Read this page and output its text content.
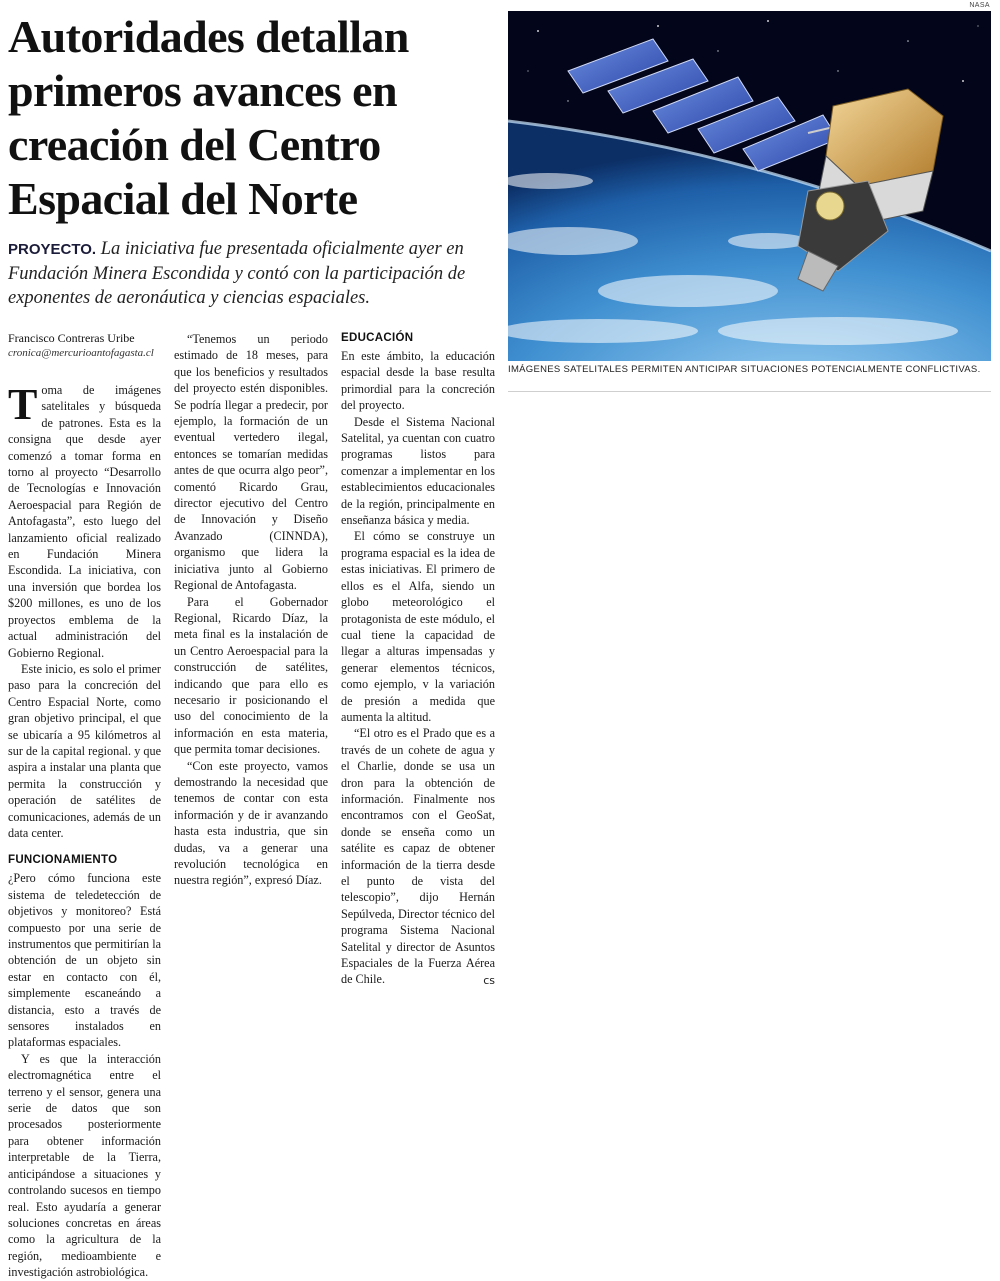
Autoridades detallan primeros avances en creación del Centro Espacial del Norte

PROYECTO. La iniciativa fue presentada oficialmente ayer en Fundación Minera Escondida y contó con la participación de exponentes de aeronáutica y ciencias espaciales.

Francisco Contreras Uribe
cronica@mercurioantofagasta.cl

Toma de imágenes satelitales y búsqueda de patrones. Esta es la consigna que desde ayer comenzó a tomar forma en torno al proyecto “Desarrollo de Tecnologías e Innovación Aeroespacial para Región de Antofagasta”, esto luego del lanzamiento oficial realizado en Fundación Minera Escondida. La iniciativa, con una inversión que bordea los $200 millones, es uno de los proyectos emblema de la actual administración del Gobierno Regional.

Este inicio, es solo el primer paso para la concreción del Centro Espacial Norte, como gran objetivo principal, el que se ubicaría a 95 kilómetros al sur de la capital regional. y que aspira a instalar una planta que permita la construcción y operación de satélites de comunicaciones, además de un data center.

FUNCIONAMIENTO

¿Pero cómo funciona este sistema de teledetección de objetivos y monitoreo? Está compuesto por una serie de instrumentos que permitirían la obtención de un objeto sin estar en contacto con él, simplemente escaneándo a distancia, esto a través de sensores instalados en plataformas espaciales.

Y es que la interacción electromagnética entre el terreno y el sensor, genera una serie de datos que son procesados posteriormente para obtener información interpretable de la Tierra, anticipándose a situaciones y controlando sucesos en tiempo real. Esto ayudaría a generar soluciones concretas en áreas como la agricultura de la región, medioambiente e investigación astrobiológica.

“Tenemos un periodo estimado de 18 meses, para que los beneficios y resultados del proyecto estén disponibles. Se podría llegar a predecir, por ejemplo, la formación de un eventual vertedero ilegal, entonces se tomarían medidas antes de que ocurra algo peor”, comentó Ricardo Grau, director ejecutivo del Centro de Innovación y Diseño Avanzado (CINNDA), organismo que lidera la iniciativa junto al Gobierno Regional de Antofagasta.

Para el Gobernador Regional, Ricardo Díaz, la meta final es la instalación de un Centro Aeroespacial para la construcción de satélites, indicando que para ello es necesario ir posicionando el uso del conocimiento de la información en esta materia, que permita tomar decisiones.

“Con este proyecto, vamos demostrando la necesidad que tenemos de contar con esta información y de ir avanzando hasta esta industria, que sin dudas, va a generar una revolución tecnológica en nuestra región”, expresó Díaz.

EDUCACIÓN

En este ámbito, la educación espacial desde la base resulta primordial para la concreción del proyecto.

Desde el Sistema Nacional Satelital, ya cuentan con cuatro programas listos para comenzar a implementar en los establecimientos educacionales de la región, principalmente en enseñanza básica y media.

El cómo se construye un programa espacial es la idea de estas iniciativas. El primero de ellos es el Alfa, siendo un globo meteorológico el protagonista de este módulo, el cual tiene la capacidad de llegar a alturas impensadas y generar elementos técnicos, como ejemplo, v la variación de presión a medida que aumenta la altitud.

“El otro es el Prado que es a través de un cohete de agua y el Charlie, donde se usa un dron para la obtención de información. Finalmente nos encontramos con el GeoSat, donde se enseña como un satélite es capaz de obtener información de la tierra desde el punto de vista del telescopio”, dijo Hernán Sepúlveda, Director técnico del programa Sistema Nacional Satelital y director de Asuntos Espaciales de la Fuerza Aérea de Chile.	cs

NASA
IMÁGENES SATELITALES PERMITEN ANTICIPAR SITUACIONES POTENCIALMENTE CONFLICTIVAS.
